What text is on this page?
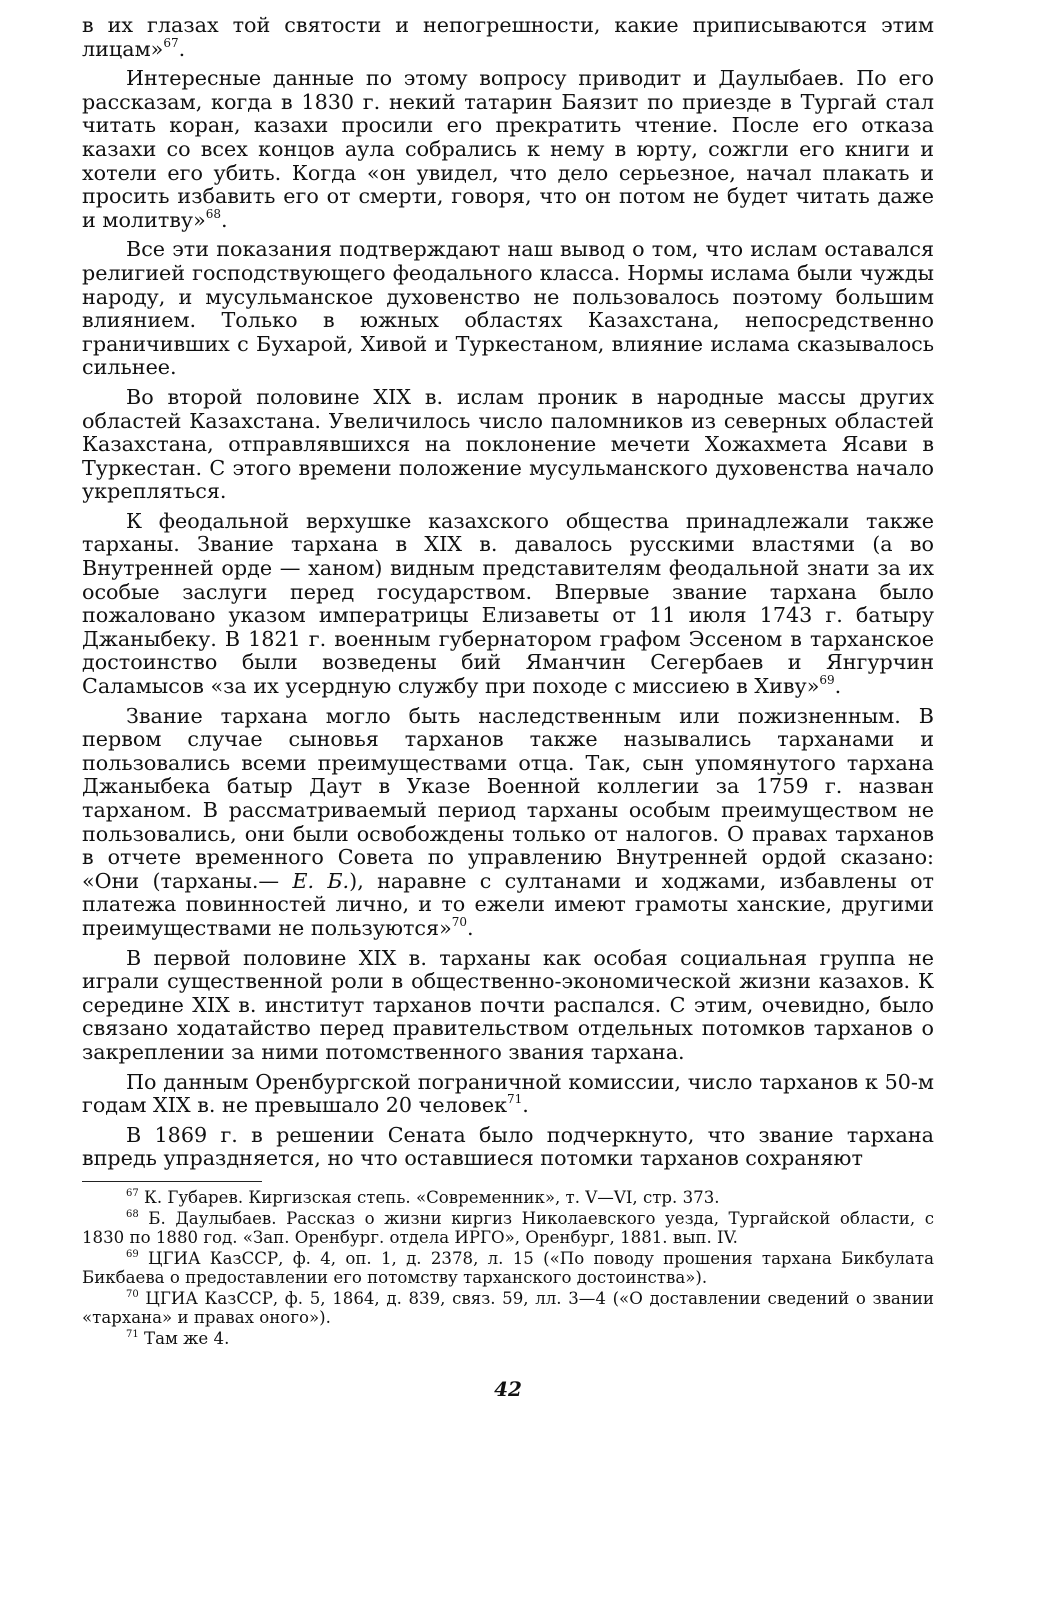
в их глазах той святости и непогрешности, какие приписываются этим лицам»$^{67}$.

Интересные данные по этому вопросу приводит и Даулыбаев. По его рассказам, когда в 1830 г. некий татарин Баязит по приезде в Тургай стал читать коран, казахи просили его прекратить чтение. После его отказа казахи со всех концов аула собрались к нему в юрту, сожгли его книги и хотели его убить. Когда «он увидел, что дело серьезное, начал плакать и просить избавить его от смерти, говоря, что он потом не будет читать даже и молитву»$^{68}$.

Все эти показания подтверждают наш вывод о том, что ислам оставался религией господствующего феодального класса. Нормы ислама были чужды народу, и мусульманское духовенство не пользовалось поэтому большим влиянием. Только в южных областях Казахстана, непосредственно граничивших с Бухарой, Хивой и Туркестаном, влияние ислама сказывалось сильнее.

Во второй половине XIX в. ислам проник в народные массы других областей Казахстана. Увеличилось число паломников из северных областей Казахстана, отправлявшихся на поклонение мечети Хожахмета Ясави в Туркестан. С этого времени положение мусульманского духовенства начало укрепляться.

К феодальной верхушке казахского общества принадлежали также тарханы. Звание тархана в XIX в. давалось русскими властями (а во Внутренней орде — ханом) видным представителям феодальной знати за их особые заслуги перед государством. Впервые звание тархана было пожаловано указом императрицы Елизаветы от 11 июля 1743 г. батыру Джаныбеку. В 1821 г. военным губернатором графом Эссеном в тарханское достоинство были возведены бий Яманчин Сегербаев и Янгурчин Саламысов «за их усердную службу при походе с миссиею в Хиву»$^{69}$.

Звание тархана могло быть наследственным или пожизненным. В первом случае сыновья тарханов также назывались тарханами и пользовались всеми преимуществами отца. Так, сын упомянутого тархана Джаныбека батыр Даут в Указе Военной коллегии за 1759 г. назван тарханом. В рассматриваемый период тарханы особым преимуществом не пользовались, они были освобождены только от налогов. О правах тарханов в отчете временного Совета по управлению Внутренней ордой сказано: «Они (тарханы.— Е. Б.), наравне с султанами и ходжами, избавлены от платежа повинностей лично, и то ежели имеют грамоты ханские, другими преимуществами не пользуются»$^{70}$.

В первой половине XIX в. тарханы как особая социальная группа не играли существенной роли в общественно-экономической жизни казахов. К середине XIX в. институт тарханов почти распался. С этим, очевидно, было связано ходатайство перед правительством отдельных потомков тарханов о закреплении за ними потомственного звания тархана.

По данным Оренбургской пограничной комиссии, число тарханов к 50-м годам XIX в. не превышало 20 человек$^{71}$.

В 1869 г. в решении Сената было подчеркнуто, что звание тархана впредь упраздняется, но что оставшиеся потомки тарханов сохраняют

$^{67}$ К. Губарев. Киргизская степь. «Современник», т. V—VI, стр. 373.

$^{68}$ Б. Даулыбаев. Рассказ о жизни киргиз Николаевского уезда, Тургайской области, с 1830 по 1880 год. «Зап. Оренбург. отдела ИРГО», Оренбург, 1881. вып. IV.

$^{69}$ ЦГИА КазССР, ф. 4, оп. 1, д. 2378, л. 15 («По поводу прошения тархана Бикбулата Бикбаева о предоставлении его потомству тарханского достоинства»).

$^{70}$ ЦГИА КазССР, ф. 5, 1864, д. 839, связ. 59, лл. 3—4 («О доставлении сведений о звании «тархана» и правах оного»).

$^{71}$ Там же 4.

42
